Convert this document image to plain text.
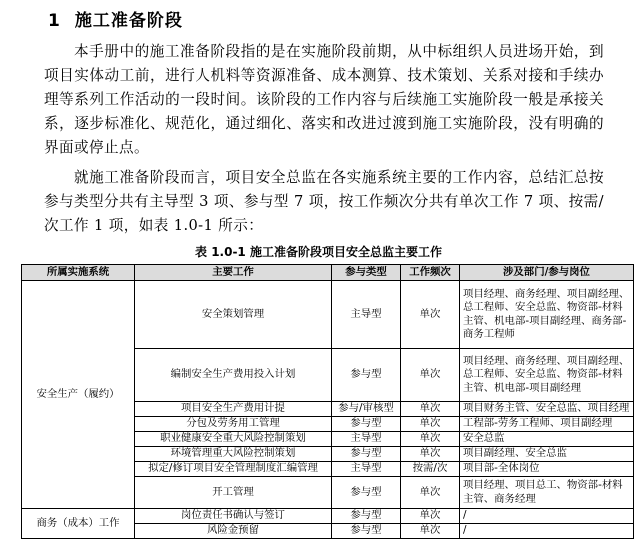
1 施工准备阶段

本手册中的施工准备阶段指的是在实施阶段前期，从中标组织人员进场开始，到项目实体动工前，进行人机料等资源准备、成本测算、技术策划、关系对接和手续办理等系列工作活动的一段时间。该阶段的工作内容与后续施工实施阶段一般是承接关系，逐步标准化、规范化，通过细化、落实和改进过渡到施工实施阶段，没有明确的界面或停止点。

就施工准备阶段而言，项目安全总监在各实施系统主要的工作内容，总结汇总按参与类型分共有主导型 3 项、参与型 7 项，按工作频次分共有单次工作 7 项、按需/次工作 1 项，如表 1.0-1 所示：

表 1.0-1 施工准备阶段项目安全总监主要工作
所属实施系统	主要工作	参与类型	工作频次	涉及部门/参与岗位
安全生产（履约）	安全策划管理	主导型	单次	项目经理、商务经理、项目副经理、总工程师、安全总监、物资部-材料主管、机电部-项目副经理、商务部-商务工程师
	编制安全生产费用投入计划	参与型	单次	项目经理、商务经理、项目副经理、总工程师、安全总监、物资部-材料主管、机电部-项目副经理
	项目安全生产费用计提	参与/审核型	单次	项目财务主管、安全总监、项目经理
	分包及劳务用工管理	参与型	单次	工程部-劳务工程师、项目副经理
	职业健康安全重大风险控制策划	主导型	单次	安全总监
	环境管理重大风险控制策划	参与型	单次	项目副经理、安全总监
	拟定/修订项目安全管理制度汇编管理	主导型	按需/次	项目部-全体岗位
	开工管理	参与型	单次	项目经理、项目总工、物资部-材料主管、商务经理
商务（成本）工作	岗位责任书确认与签订	参与型	单次	/
	风险金预留	参与型	单次	/
